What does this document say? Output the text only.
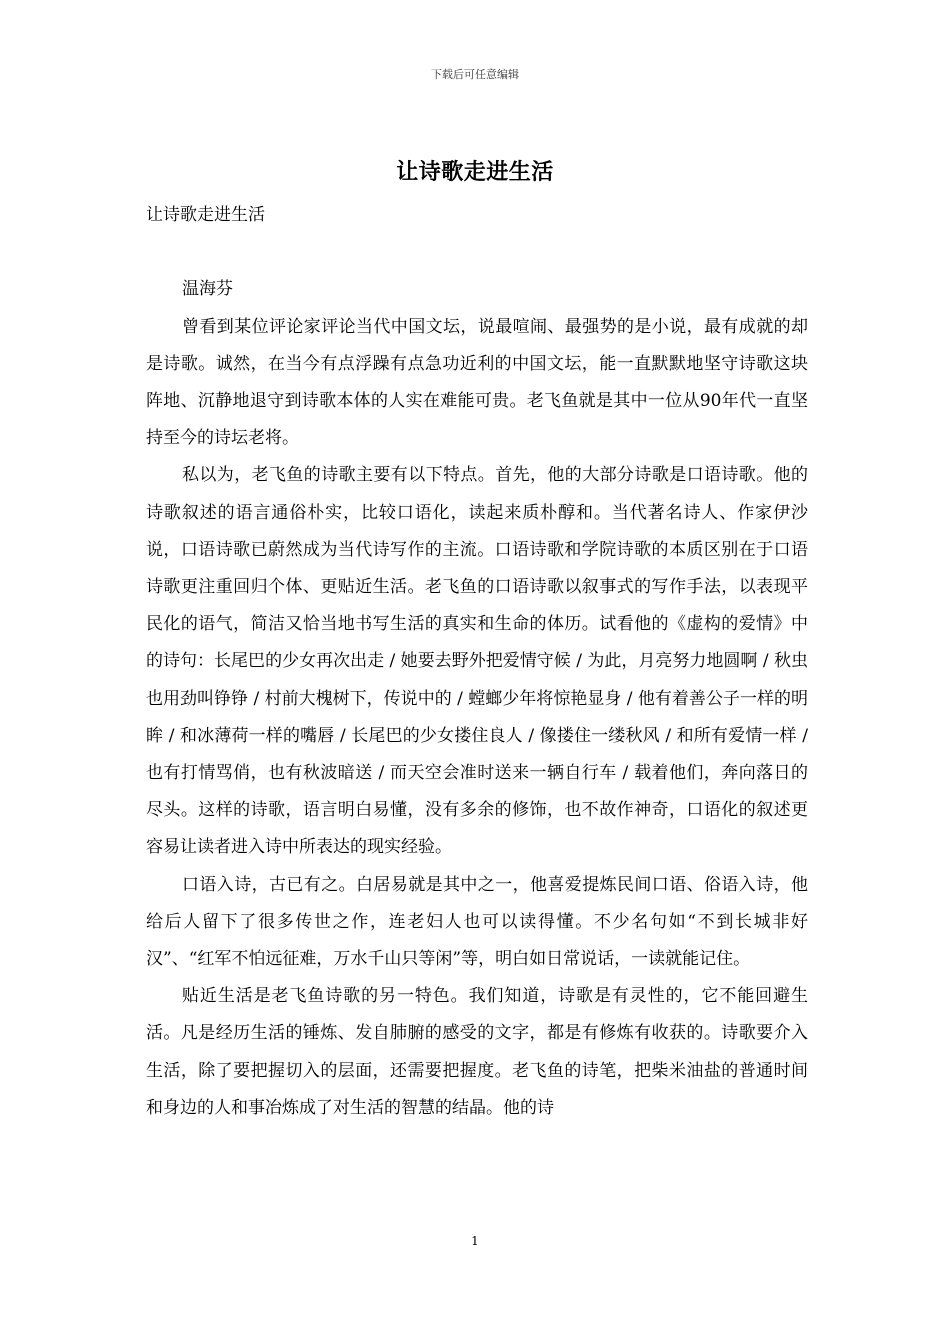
下载后可任意编辑
让诗歌走进生活

让诗歌走进生活

温海芬

曾看到某位评论家评论当代中国文坛，说最喧闹、最强势的是小说，最有成就的却是诗歌。诚然，在当今有点浮躁有点急功近利的中国文坛，能一直默默地坚守诗歌这块阵地、沉静地退守到诗歌本体的人实在难能可贵。老飞鱼就是其中一位从90年代一直坚持至今的诗坛老将。

私以为，老飞鱼的诗歌主要有以下特点。首先，他的大部分诗歌是口语诗歌。他的诗歌叙述的语言通俗朴实，比较口语化，读起来质朴醇和。当代著名诗人、作家伊沙说，口语诗歌已蔚然成为当代诗写作的主流。口语诗歌和学院诗歌的本质区别在于口语诗歌更注重回归个体、更贴近生活。老飞鱼的口语诗歌以叙事式的写作手法，以表现平民化的语气，简洁又恰当地书写生活的真实和生命的体历。试看他的《虚构的爱情》中的诗句：长尾巴的少女再次出走 / 她要去野外把爱情守候 / 为此，月亮努力地圆啊 / 秋虫也用劲叫铮铮 / 村前大槐树下，传说中的 / 螳螂少年将惊艳显身 / 他有着善公子一样的明眸 / 和冰薄荷一样的嘴唇 / 长尾巴的少女搂住良人 / 像搂住一缕秋风 / 和所有爱情一样 / 也有打情骂俏，也有秋波暗送 / 而天空会准时送来一辆自行车 / 载着他们，奔向落日的尽头。这样的诗歌，语言明白易懂，没有多余的修饰，也不故作神奇，口语化的叙述更容易让读者进入诗中所表达的现实经验。

口语入诗，古已有之。白居易就是其中之一，他喜爱提炼民间口语、俗语入诗，他给后人留下了很多传世之作，连老妇人也可以读得懂。不少名句如“不到长城非好汉”、“红军不怕远征难，万水千山只等闲”等，明白如日常说话，一读就能记住。

贴近生活是老飞鱼诗歌的另一特色。我们知道，诗歌是有灵性的，它不能回避生活。凡是经历生活的锤炼、发自肺腑的感受的文字，都是有修炼有收获的。诗歌要介入生活，除了要把握切入的层面，还需要把握度。老飞鱼的诗笔，把柴米油盐的普通时间和身边的人和事冶炼成了对生活的智慧的结晶。他的诗

1
